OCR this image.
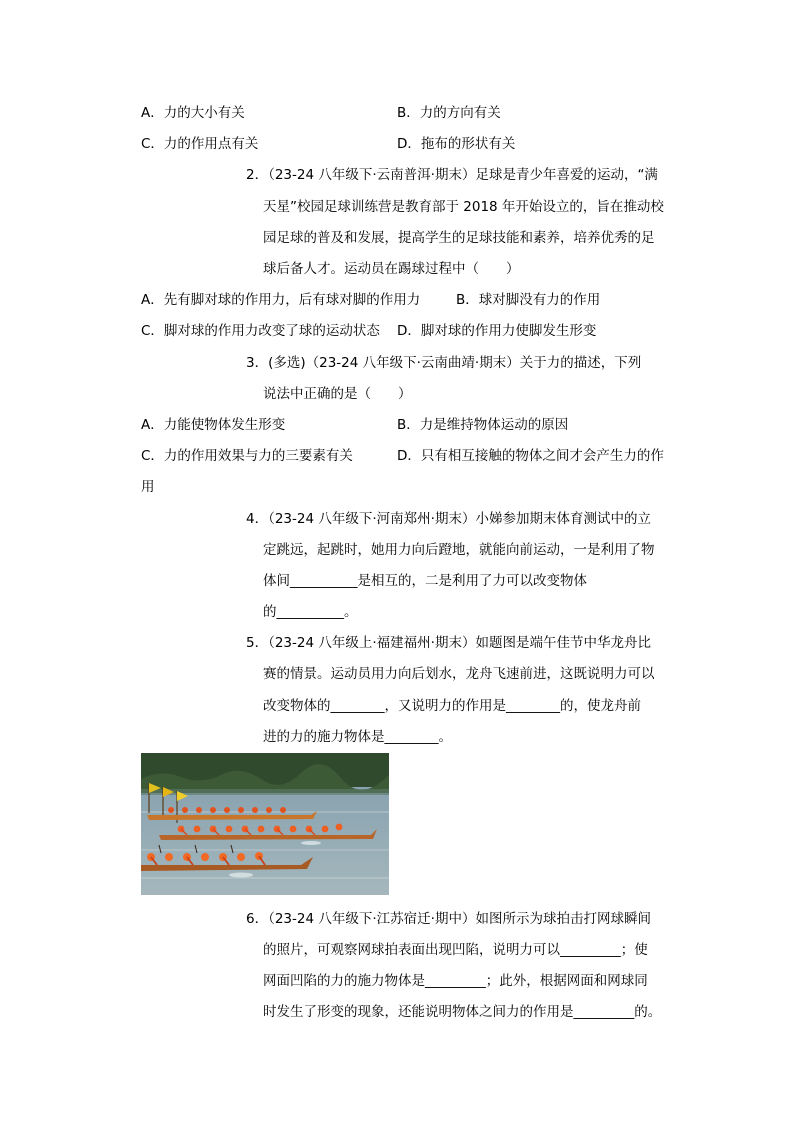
A．力的大小有关	B．力的方向有关
C．力的作用点有关	D．拖布的形状有关
2．（23-24 八年级下·云南普洱·期末）足球是青少年喜爱的运动，“满
天星”校园足球训练营是教育部于 2018 年开始设立的，旨在推动校
园足球的普及和发展，提高学生的足球技能和素养，培养优秀的足
球后备人才。运动员在踢球过程中（　　）
A．先有脚对球的作用力，后有球对脚的作用力	B．球对脚没有力的作用
C．脚对球的作用力改变了球的运动状态 D．脚对球的作用力使脚发生形变
3．(多选)（23-24 八年级下·云南曲靖·期末）关于力的描述，下列
说法中正确的是（　　）
A．力能使物体发生形变	B．力是维持物体运动的原因
C．力的作用效果与力的三要素有关	D．只有相互接触的物体之间才会产生力的作
用
4．（23-24 八年级下·河南郑州·期末）小娣参加期末体育测试中的立
定跳远，起跳时，她用力向后蹬地，就能向前运动，一是利用了物
体间__________是相互的，二是利用了力可以改变物体
的__________。
5．（23-24 八年级上·福建福州·期末）如题图是端午佳节中华龙舟比
赛的情景。运动员用力向后划水，龙舟飞速前进，这既说明力可以
改变物体的________，又说明力的作用是________的，使龙舟前
进的力的施力物体是________。
6．（23-24 八年级下·江苏宿迁·期中）如图所示为球拍击打网球瞬间
的照片，可观察网球拍表面出现凹陷，说明力可以_________；使
网面凹陷的力的施力物体是_________；此外，根据网面和网球同
时发生了形变的现象，还能说明物体之间力的作用是_________的。
